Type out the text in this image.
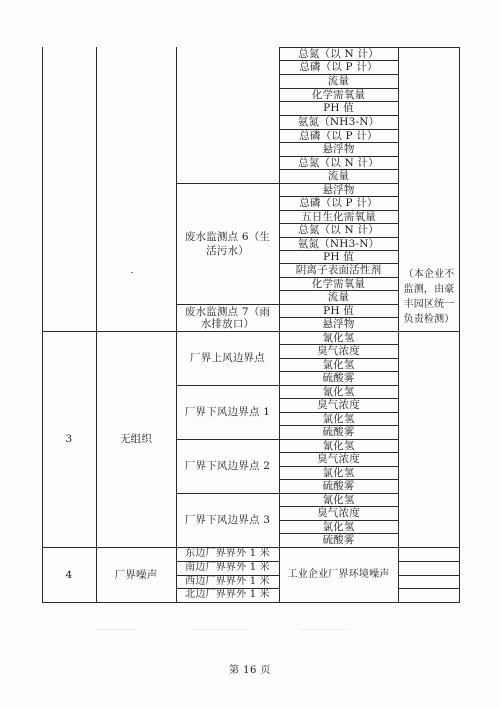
总氮（以 N 计）
总磷（以 P 计）
流量
化学需氧量
PH 值
氨氮（NH3-N）
总磷（以 P 计）
悬浮物
总氮（以 N 计）
流量
废水监测点 6（生活污水）
悬浮物
总磷（以 P 计）
五日生化需氧量
总氮（以 N 计）
氨氮（NH3-N）
PH 值
阴离子表面活性剂
化学需氧量
流量
废水监测点 7（雨水排放口）
PH 值
悬浮物
3	无组织
厂界上风边界点
氰化氢
臭气浓度
氯化氢
硫酸雾
厂界下风边界点 1
氰化氢
臭气浓度
氯化氢
硫酸雾
厂界下风边界点 2
氰化氢
臭气浓度
氯化氢
硫酸雾
厂界下风边界点 3
氰化氢
臭气浓度
氯化氢
硫酸雾
（本企业不监测，由豪丰园区统一负责检测）
4	厂界噪声
东边厂界界外 1 米
南边厂界界外 1 米
西边厂界界外 1 米
北边厂界界外 1 米
工业企业厂界环境噪声
第 16 页
